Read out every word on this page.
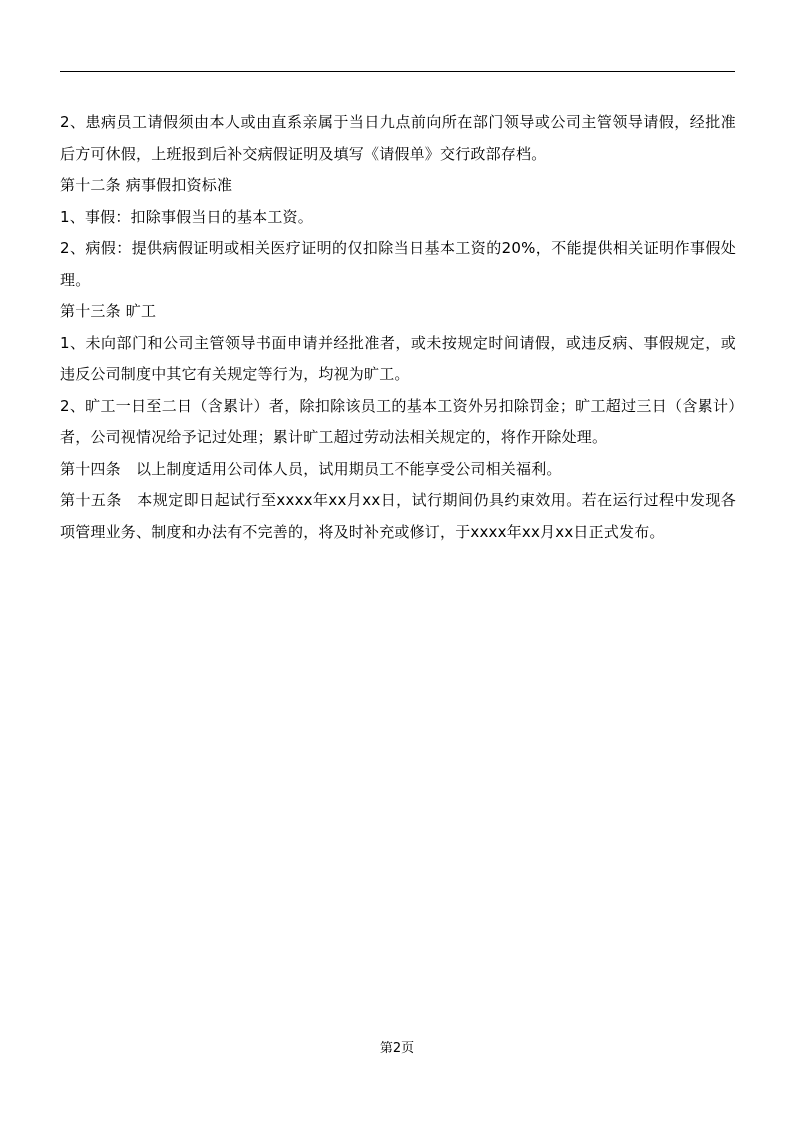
2、患病员工请假须由本人或由直系亲属于当日九点前向所在部门领导或公司主管领导请假，经批准后方可休假，上班报到后补交病假证明及填写《请假单》交行政部存档。

第十二条 病事假扣资标准

1、事假：扣除事假当日的基本工资。

2、病假：提供病假证明或相关医疗证明的仅扣除当日基本工资的20%，不能提供相关证明作事假处理。

第十三条 旷工

1、未向部门和公司主管领导书面申请并经批准者，或未按规定时间请假，或违反病、事假规定，或违反公司制度中其它有关规定等行为，均视为旷工。

2、旷工一日至二日（含累计）者，除扣除该员工的基本工资外另扣除罚金；旷工超过三日（含累计）者，公司视情况给予记过处理；累计旷工超过劳动法相关规定的，将作开除处理。

第十四条　以上制度适用公司体人员，试用期员工不能享受公司相关福利。

第十五条　本规定即日起试行至xxxx年xx月xx日，试行期间仍具约束效用。若在运行过程中发现各项管理业务、制度和办法有不完善的，将及时补充或修订，于xxxx年xx月xx日正式发布。

第2页
